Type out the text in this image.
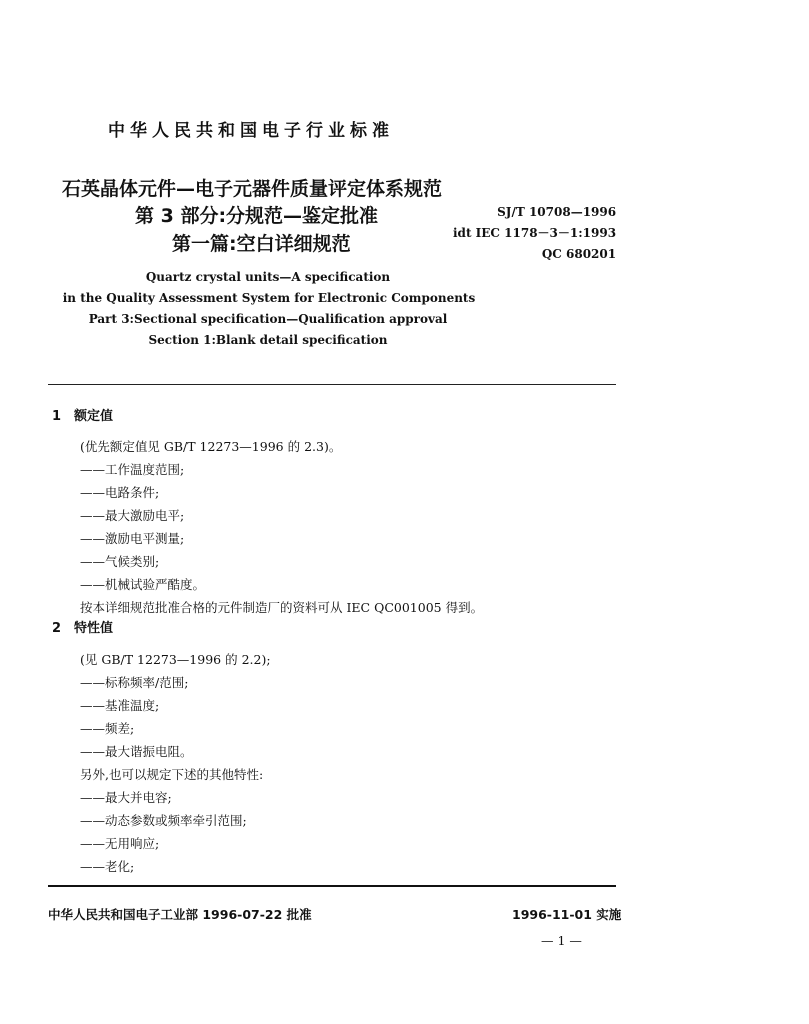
中华人民共和国电子行业标准
石英晶体元件—电子元器件质量评定体系规范
第 3 部分:分规范—鉴定批准
第一篇:空白详细规范
SJ/T 10708—1996
idt IEC 1178－3－1:1993
QC 680201
Quartz crystal units—A specification
in the Quality Assessment System for Electronic Components
Part 3:Sectional specification—Qualification approval
Section 1:Blank detail specification
1　额定值
(优先额定值见 GB/T 12273—1996 的 2.3)。
——工作温度范围;
——电路条件;
——最大激励电平;
——激励电平测量;
——气候类别;
——机械试验严酷度。
按本详细规范批准合格的元件制造厂的资料可从 IEC QC001005 得到。
2　特性值
(见 GB/T 12273—1996 的 2.2);
——标称频率/范围;
——基准温度;
——频差;
——最大谐振电阻。
另外,也可以规定下述的其他特性:
——最大并电容;
——动态参数或频率牵引范围;
——无用响应;
——老化;
中华人民共和国电子工业部 1996-07-22 批准	1996-11-01 实施
— 1 —
